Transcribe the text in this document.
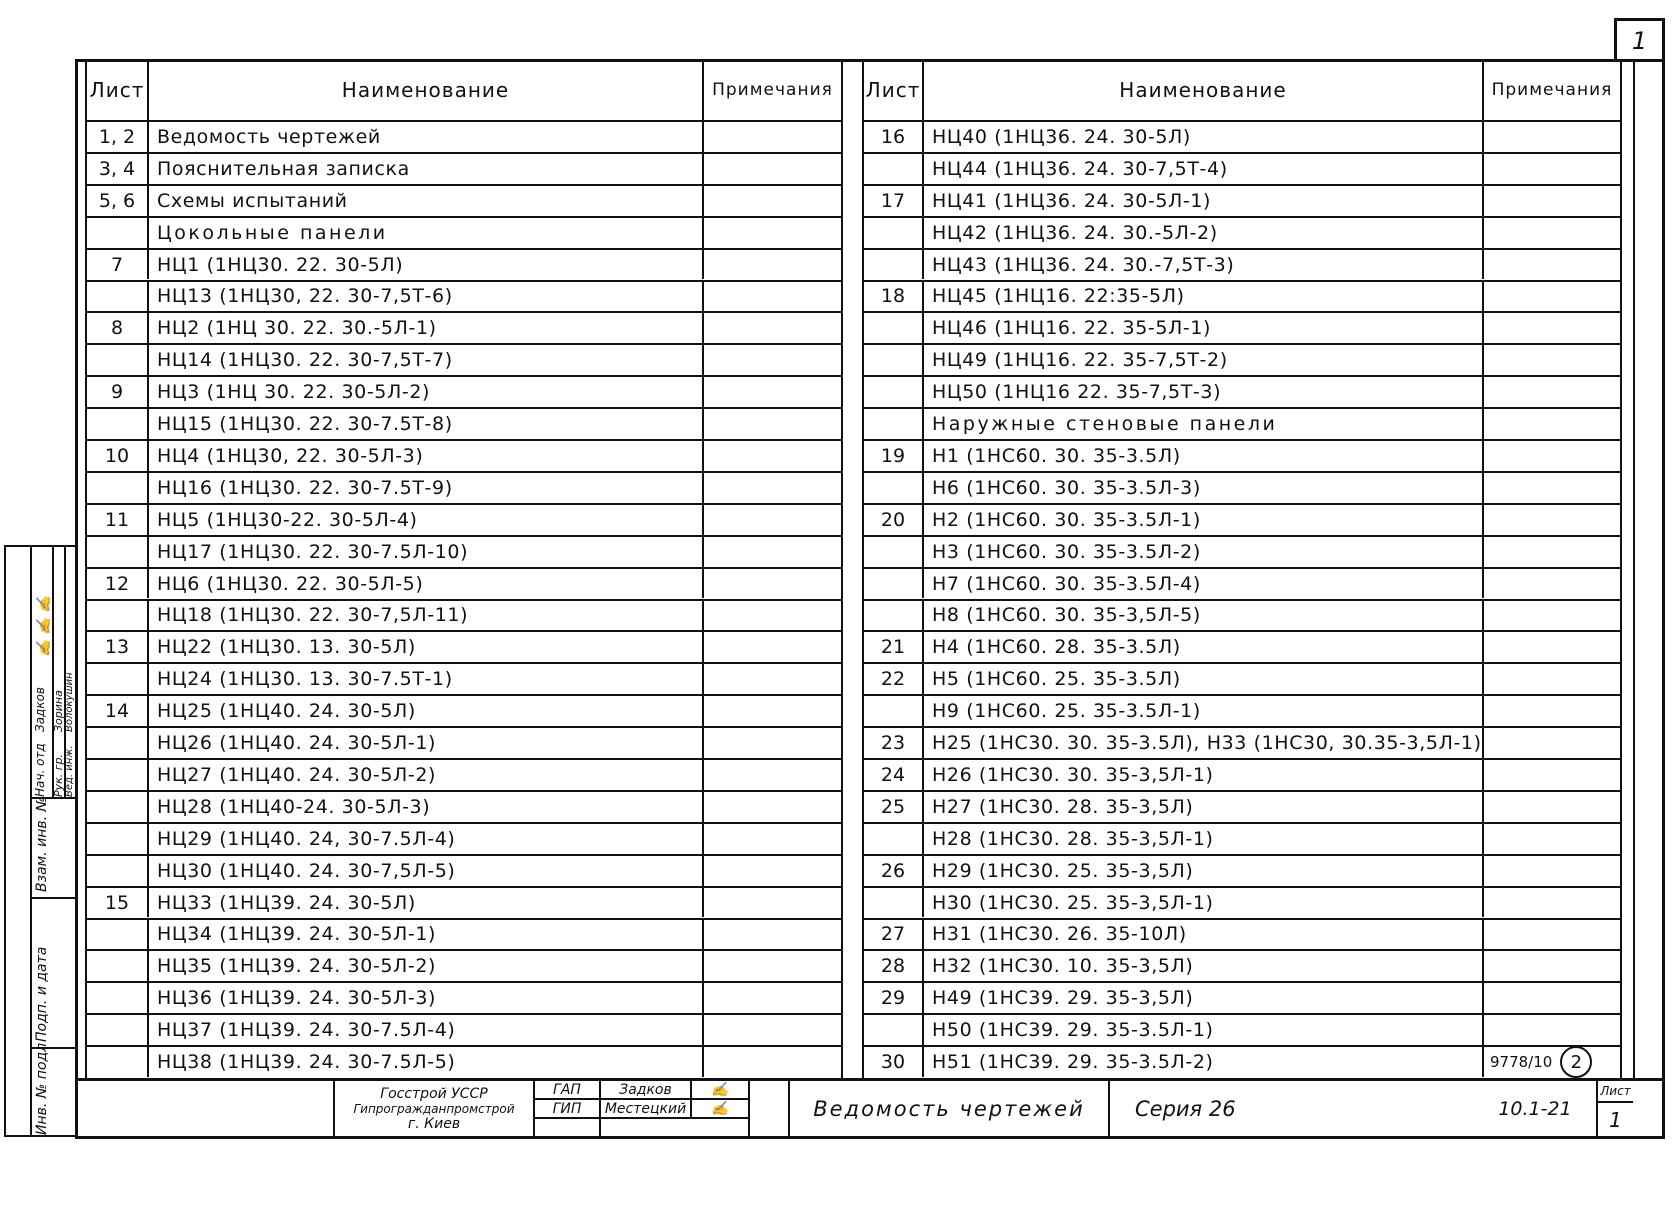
1
Лист	Наименование	Примечания
1, 2	Ведомость чертежей
3, 4	Пояснительная записка
5, 6	Схемы испытаний
Цокольные панели
7	НЦ1 (1НЦ30. 22. 30-5Л)
НЦ13 (1НЦ30, 22. 30-7,5Т-6)
8	НЦ2 (1НЦ 30. 22. 30.-5Л-1)
НЦ14 (1НЦ30. 22. 30-7,5Т-7)
9	НЦ3 (1НЦ 30. 22. 30-5Л-2)
НЦ15 (1НЦ30. 22. 30-7.5Т-8)
10	НЦ4 (1НЦ30, 22. 30-5Л-3)
НЦ16 (1НЦ30. 22. 30-7.5Т-9)
11	НЦ5 (1НЦ30-22. 30-5Л-4)
НЦ17 (1НЦ30. 22. 30-7.5Л-10)
12	НЦ6 (1НЦ30. 22. 30-5Л-5)
НЦ18 (1НЦ30. 22. 30-7,5Л-11)
13	НЦ22 (1НЦ30. 13. 30-5Л)
НЦ24 (1НЦ30. 13. 30-7.5Т-1)
14	НЦ25 (1НЦ40. 24. 30-5Л)
НЦ26 (1НЦ40. 24. 30-5Л-1)
НЦ27 (1НЦ40. 24. 30-5Л-2)
НЦ28 (1НЦ40-24. 30-5Л-3)
НЦ29 (1НЦ40. 24, 30-7.5Л-4)
НЦ30 (1НЦ40. 24. 30-7,5Л-5)
15	НЦ33 (1НЦ39. 24. 30-5Л)
НЦ34 (1НЦ39. 24. 30-5Л-1)
НЦ35 (1НЦ39. 24. 30-5Л-2)
НЦ36 (1НЦ39. 24. 30-5Л-3)
НЦ37 (1НЦ39. 24. 30-7.5Л-4)
НЦ38 (1НЦ39. 24. 30-7.5Л-5)
Лист	Наименование	Примечания
16	НЦ40 (1НЦ36. 24. 30-5Л)
НЦ44 (1НЦ36. 24. 30-7,5Т-4)
17	НЦ41 (1НЦ36. 24. 30-5Л-1)
НЦ42 (1НЦ36. 24. 30.-5Л-2)
НЦ43 (1НЦ36. 24. 30.-7,5Т-3)
18	НЦ45 (1НЦ16. 22:35-5Л)
НЦ46 (1НЦ16. 22. 35-5Л-1)
НЦ49 (1НЦ16. 22. 35-7,5Т-2)
НЦ50 (1НЦ16 22. 35-7,5Т-3)
Наружные стеновые панели
19	Н1 (1НС60. 30. 35-3.5Л)
Н6 (1НС60. 30. 35-3.5Л-3)
20	Н2 (1НС60. 30. 35-3.5Л-1)
Н3 (1НС60. 30. 35-3.5Л-2)
Н7 (1НС60. 30. 35-3.5Л-4)
Н8 (1НС60. 30. 35-3,5Л-5)
21	Н4 (1НС60. 28. 35-3.5Л)
22	Н5 (1НС60. 25. 35-3.5Л)
Н9 (1НС60. 25. 35-3.5Л-1)
23	Н25 (1НС30. 30. 35-3.5Л), Н33 (1НС30, 30.35-3,5Л-1)
24	Н26 (1НС30. 30. 35-3,5Л-1)
25	Н27 (1НС30. 28. 35-3,5Л)
Н28 (1НС30. 28. 35-3,5Л-1)
26	Н29 (1НС30. 25. 35-3,5Л)
Н30 (1НС30. 25. 35-3,5Л-1)
27	Н31 (1НС30. 26. 35-10Л)
28	Н32 (1НС30. 10. 35-3,5Л)
29	Н49 (1НС39. 29. 35-3,5Л)
Н50 (1НС39. 29. 35-3.5Л-1)
30	Н51 (1НС39. 29. 35-3.5Л-2)	9778/10	2
Госстрой УССР
Гипрогражданпромстрой
г. Киев
ГАП
ГИП
Задков
Местецкий
✍
✍	Ведомость чертежей	Серия 26	10.1-21
Лист
1
Нач. отд
Задков
Рук. гр.
Зорина
Вед. инж.
Волокушин
✍ ✍ ✍
Взам. инв. №
Подп. и дата
Инв. № подл
